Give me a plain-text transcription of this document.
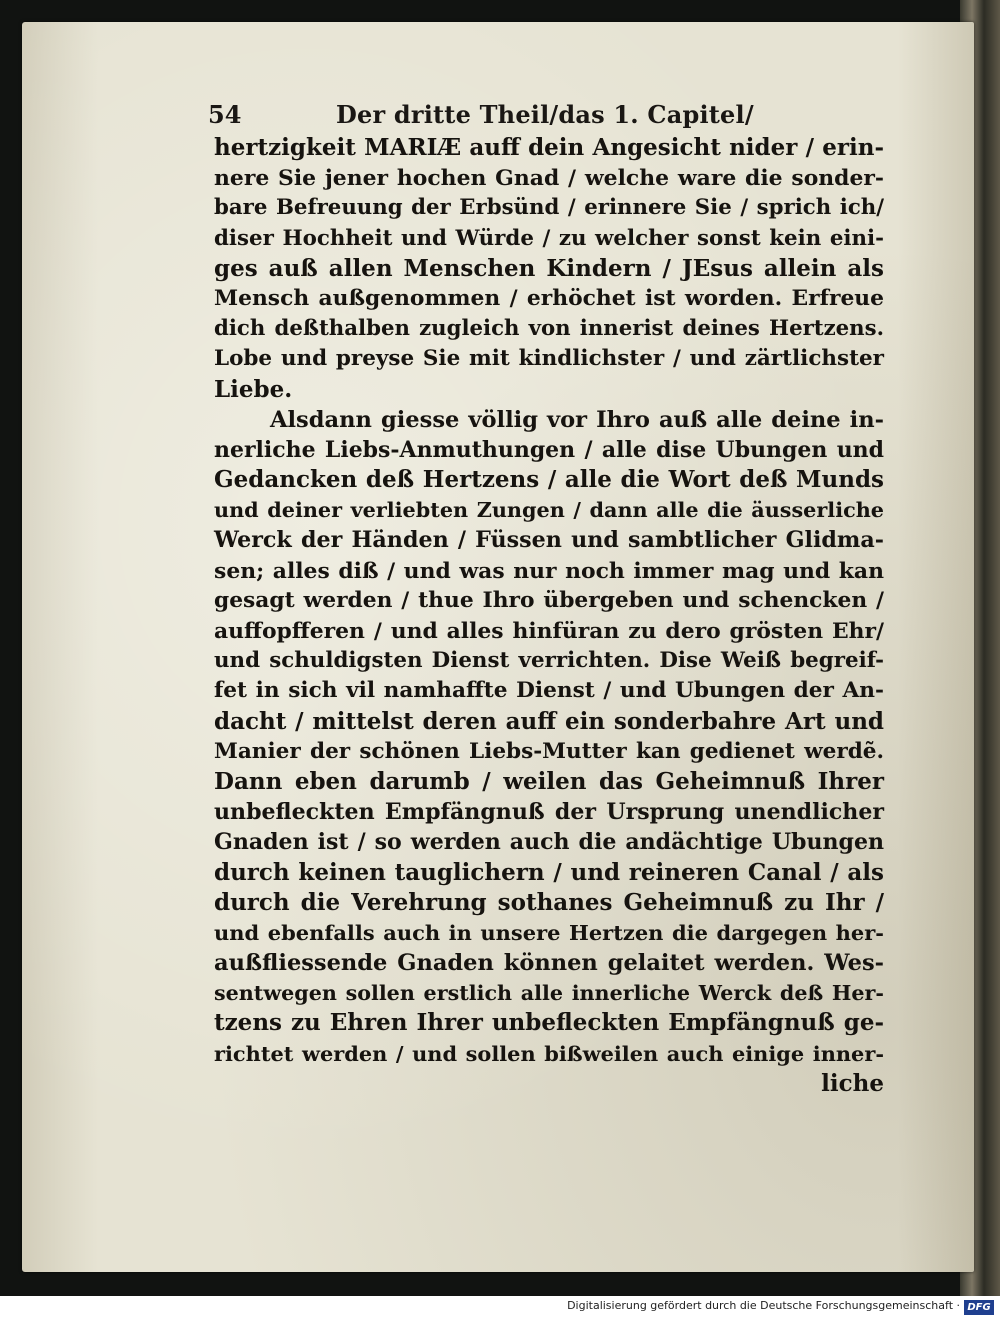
54	Der dritte Theil/das 1. Capitel/
hertzigkeit MARIÆ auff dein Angesicht nider / erin-
nere Sie jener hochen Gnad / welche ware die sonder-
bare Befreuung der Erbsünd / erinnere Sie / sprich ich/
diser Hochheit und Würde / zu welcher sonst kein eini-
ges auß allen Menschen Kindern / JEsus allein als
Mensch außgenommen / erhöchet ist worden. Erfreue
dich deßthalben zugleich von innerist deines Hertzens.
Lobe und preyse Sie mit kindlichster / und zärtlichster
Liebe.
Alsdann giesse völlig vor Ihro auß alle deine in-
nerliche Liebs-Anmuthungen / alle dise Ubungen und
Gedancken deß Hertzens / alle die Wort deß Munds
und deiner verliebten Zungen / dann alle die äusserliche
Werck der Händen / Füssen und sambtlicher Glidma-
sen; alles diß / und was nur noch immer mag und kan
gesagt werden / thue Ihro übergeben und schencken /
auffopfferen / und alles hinfüran zu dero grösten Ehr/
und schuldigsten Dienst verrichten. Dise Weiß begreif-
fet in sich vil namhaffte Dienst / und Ubungen der An-
dacht / mittelst deren auff ein sonderbahre Art und
Manier der schönen Liebs-Mutter kan gedienet werdẽ.
Dann eben darumb / weilen das Geheimnuß Ihrer
unbefleckten Empfängnuß der Ursprung unendlicher
Gnaden ist / so werden auch die andächtige Ubungen
durch keinen tauglichern / und reineren Canal / als
durch die Verehrung sothanes Geheimnuß zu Ihr /
und ebenfalls auch in unsere Hertzen die dargegen her-
außfliessende Gnaden können gelaitet werden. Wes-
sentwegen sollen erstlich alle innerliche Werck deß Her-
tzens zu Ehren Ihrer unbefleckten Empfängnuß ge-
richtet werden / und sollen bißweilen auch einige inner-
liche
Digitalisierung gefördert durch die Deutsche Forschungsgemeinschaft · DFG
